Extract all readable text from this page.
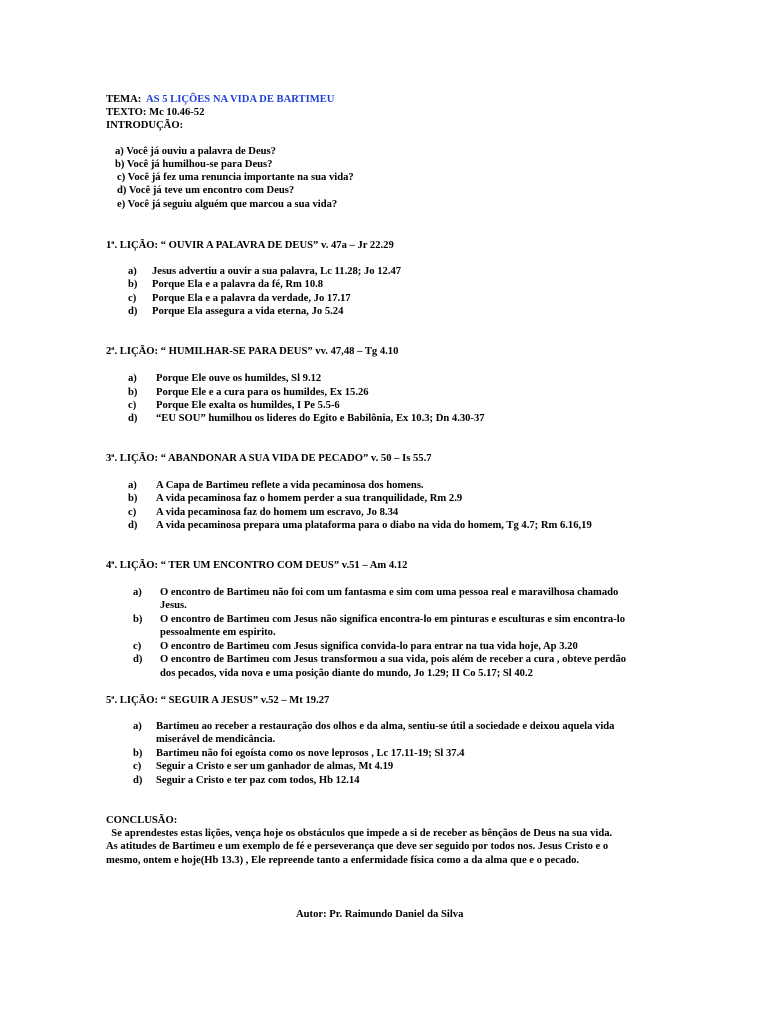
TEMA: AS 5 LIÇÕES NA VIDA DE BARTIMEU
TEXTO: Mc 10.46-52
INTRODUÇÃO:
a) Você já ouviu a palavra de Deus?
b) Você já humilhou-se para Deus?
c) Você já fez uma renuncia importante na sua vida?
d) Você já teve um encontro com Deus?
e) Você já seguiu alguém que marcou a sua vida?
1ª. LIÇÃO: “ OUVIR A PALAVRA DE DEUS” v. 47a – Jr 22.29
a) Jesus advertiu a ouvir a sua palavra, Lc 11.28; Jo 12.47
b) Porque Ela e a palavra da fé, Rm 10.8
c) Porque Ela e a palavra da verdade, Jo 17.17
d) Porque Ela assegura a vida eterna, Jo 5.24
2ª. LIÇÃO: “ HUMILHAR-SE PARA DEUS” vv. 47,48 – Tg 4.10
a) Porque Ele ouve os humildes, Sl 9.12
b) Porque Ele e a cura para os humildes, Ex 15.26
c) Porque Ele exalta os humildes, I Pe 5.5-6
d) “EU SOU” humilhou os lideres do Egito e Babilônia, Ex 10.3; Dn 4.30-37
3ª. LIÇÃO: “ ABANDONAR A SUA VIDA DE PECADO” v. 50 – Is 55.7
a) A Capa de Bartimeu reflete a vida pecaminosa dos homens.
b) A vida pecaminosa faz o homem perder a sua tranquilidade, Rm 2.9
c) A vida pecaminosa faz do homem um escravo, Jo 8.34
d) A vida pecaminosa prepara uma plataforma para o diabo na vida do homem, Tg 4.7; Rm 6.16,19
4ª. LIÇÃO: “ TER UM ENCONTRO COM DEUS” v.51 – Am 4.12
a) O encontro de Bartimeu não foi com um fantasma e sim com uma pessoa real e maravilhosa chamado
Jesus.
b) O encontro de Bartimeu com Jesus não significa encontra-lo em pinturas e esculturas e sim encontra-lo
pessoalmente em espirito.
c) O encontro de Bartimeu com Jesus significa convida-lo para entrar na tua vida hoje, Ap 3.20
d) O encontro de Bartimeu com Jesus transformou a sua vida, pois além de receber a cura , obteve perdão
dos pecados, vida nova e uma posição diante do mundo, Jo 1.29; II Co 5.17; Sl 40.2
5ª. LIÇÃO: “ SEGUIR A JESUS” v.52 – Mt 19.27
a) Bartimeu ao receber a restauração dos olhos e da alma, sentiu-se útil a sociedade e deixou aquela vida
miserável de mendicância.
b) Bartimeu não foi egoísta como os nove leprosos , Lc 17.11-19; Sl 37.4
c) Seguir a Cristo e ser um ganhador de almas, Mt 4.19
d) Seguir a Cristo e ter paz com todos, Hb 12.14
CONCLUSÃO:
Se aprendestes estas lições, vença hoje os obstáculos que impede a si de receber as bênçãos de Deus na sua vida.
As atitudes de Bartimeu e um exemplo de fé e perseverança que deve ser seguido por todos nos. Jesus Cristo e o
mesmo, ontem e hoje(Hb 13.3) , Ele repreende tanto a enfermidade física como a da alma que e o pecado.
Autor: Pr. Raimundo Daniel da Silva
